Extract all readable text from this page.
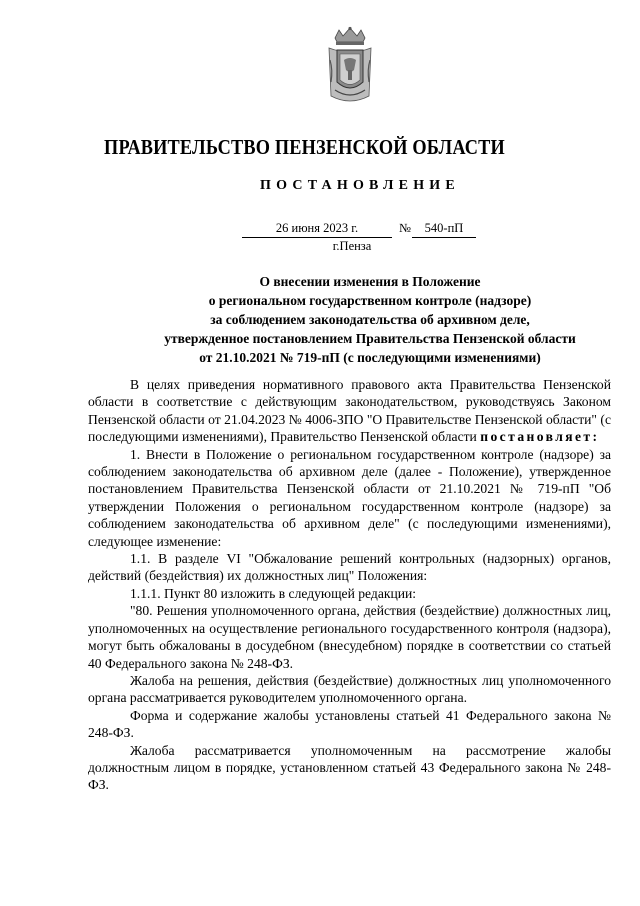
ПРАВИТЕЛЬСТВО ПЕНЗЕНСКОЙ ОБЛАСТИ
ПОСТАНОВЛЕНИЕ
26 июня 2023 г.	№	540-пП
г.Пенза
О внесении изменения в Положение
о региональном государственном контроле (надзоре)
за соблюдением законодательства об архивном деле,
утвержденное постановлением Правительства Пензенской области
от 21.10.2021 № 719-пП (с последующими изменениями)

В целях приведения нормативного правового акта Правительства Пензенской области в соответствие с действующим законодательством, руководствуясь Законом Пензенской области от 21.04.2023 № 4006-ЗПО "О Правительстве Пензенской области" (с последующими изменениями), Правительство Пензенской области постановляет:

1. Внести в Положение о региональном государственном контроле (надзоре) за соблюдением законодательства об архивном деле (далее - Положение), утвержденное постановлением Правительства Пензенской области от 21.10.2021 № 719-пП "Об утверждении Положения о региональном государственном контроле (надзоре) за соблюдением законодательства об архивном деле" (с последующими изменениями), следующее изменение:

1.1. В разделе VI "Обжалование решений контрольных (надзорных) органов, действий (бездействия) их должностных лиц" Положения:

1.1.1. Пункт 80 изложить в следующей редакции:

"80. Решения уполномоченного органа, действия (бездействие) должностных лиц, уполномоченных на осуществление регионального государственного контроля (надзора), могут быть обжалованы в досудебном (внесудебном) порядке в соответствии со статьей 40 Федерального закона № 248-ФЗ.

Жалоба на решения, действия (бездействие) должностных лиц уполномоченного органа рассматривается руководителем уполномоченного органа.

Форма и содержание жалобы установлены статьей 41 Федерального закона № 248-ФЗ.

Жалоба рассматривается уполномоченным на рассмотрение жалобы должностным лицом в порядке, установленном статьей 43 Федерального закона № 248-ФЗ.
